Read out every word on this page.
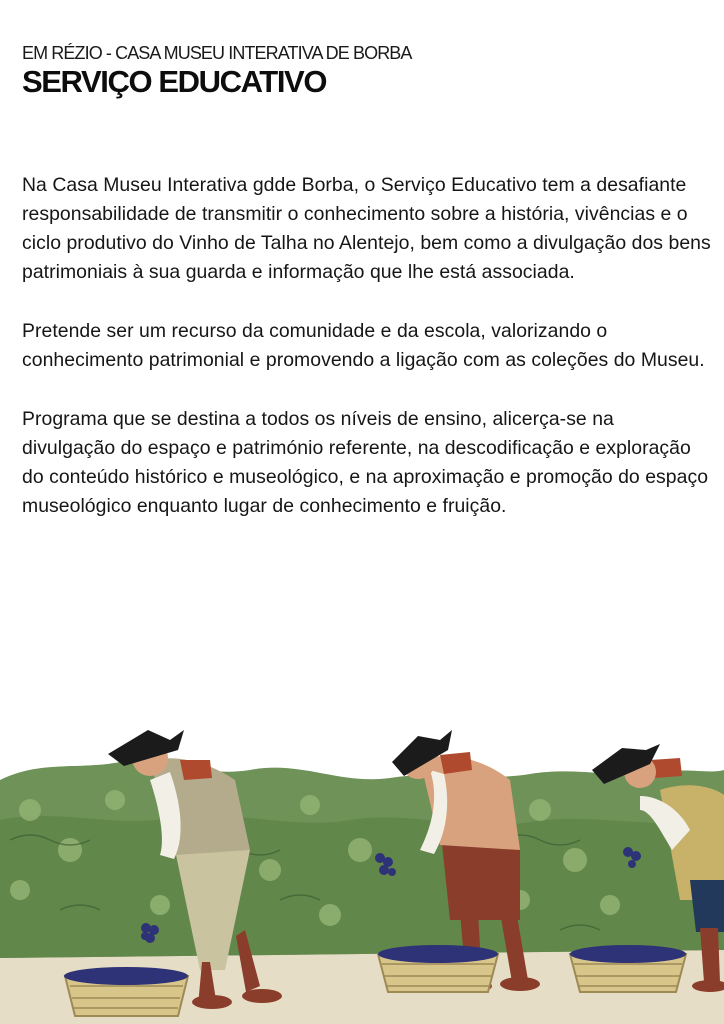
EM RÉZIO - CASA MUSEU INTERATIVA DE BORBA
SERVIÇO EDUCATIVO

Na Casa Museu Interativa gdde Borba, o Serviço Educativo tem a desafiante responsabilidade de transmitir o conhecimento sobre a história, vivências e o ciclo produtivo do Vinho de Talha no Alentejo, bem como a divulgação dos bens patrimoniais à sua guarda e informação que lhe está associada.

Pretende ser um recurso da comunidade e da escola, valorizando o conhecimento patrimonial e promovendo a ligação com as coleções do Museu.

Programa que se destina a todos os níveis de ensino, alicerça-se na divulgação do espaço e património referente, na descodificação e exploração do conteúdo histórico e museológico, e na aproximação e promoção do espaço museológico enquanto lugar de conhecimento e fruição.
